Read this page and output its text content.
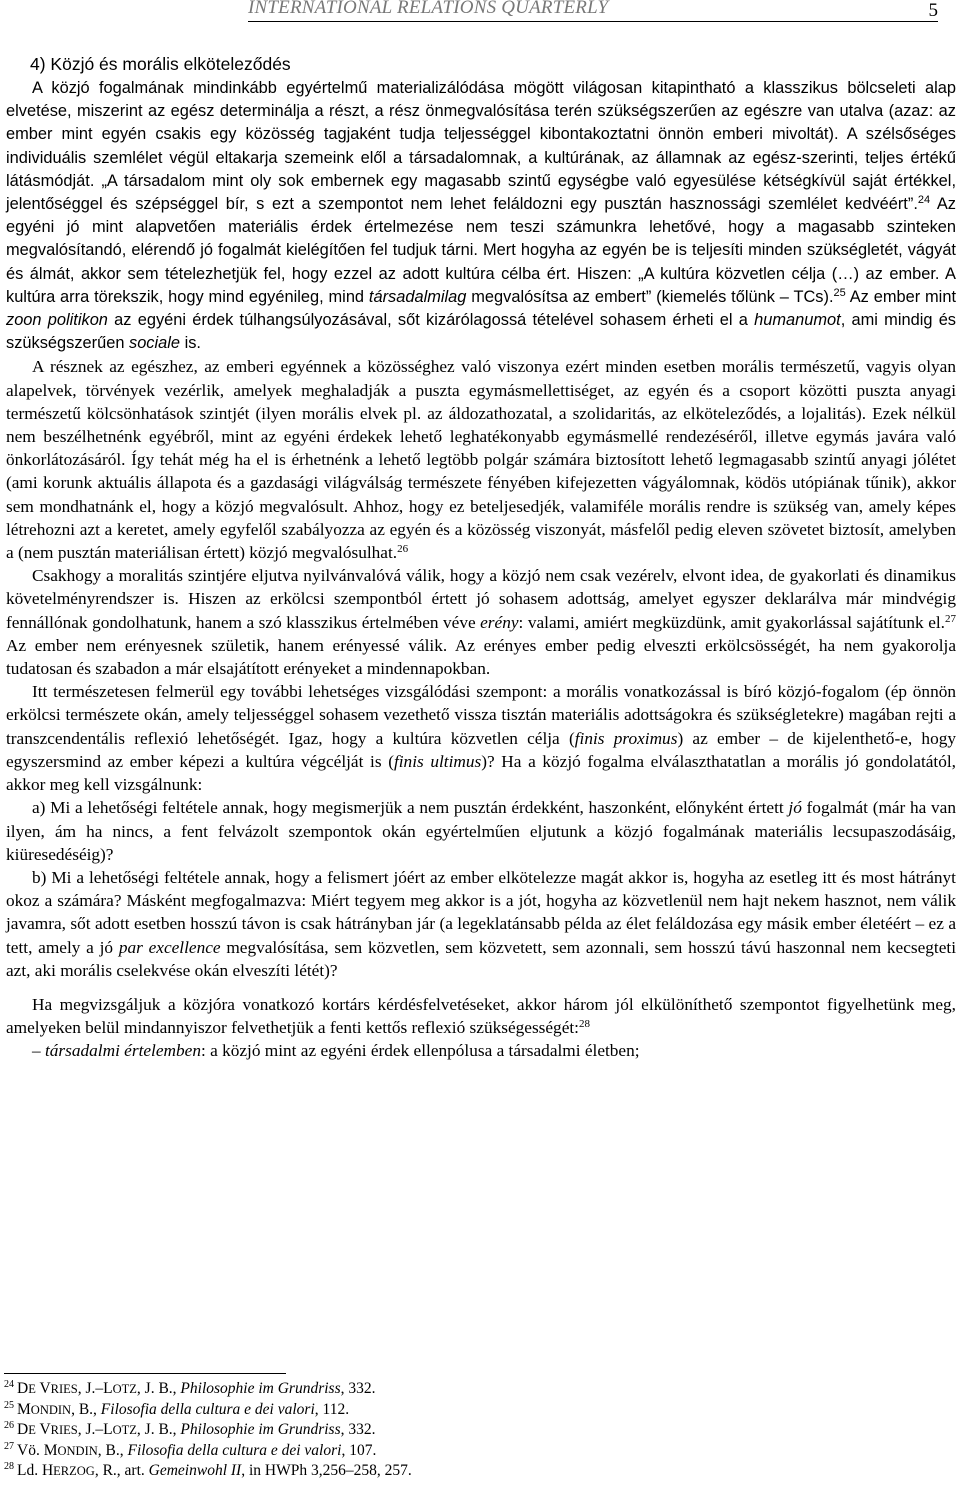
INTERNATIONAL RELATIONS QUARTERLY	5
4) Közjó és morális elköteleződés

A közjó fogalmának mindinkább egyértelmű materializálódása mögött világosan kitapintható a klasszikus bölcseleti alap elvetése, miszerint az egész determinálja a részt, a rész önmegvalósítása terén szükségszerűen az egészre van utalva (azaz: az ember mint egyén csakis egy közösség tagjaként tudja teljességgel kibontakoztatni önnön emberi mivoltát). A szélsőséges individuális szemlélet végül eltakarja szemeink elől a társadalomnak, a kultúrának, az államnak az egész-szerinti, teljes értékű látásmódját. „A társadalom mint oly sok embernek egy magasabb szintű egységbe való egyesülése kétségkívül saját értékkel, jelentőséggel és szépséggel bír, s ezt a szempontot nem lehet feláldozni egy pusztán hasznossági szemlélet kedvéért”.$^{24}$ Az egyéni jó mint alapvetően materiális érdek értelmezése nem teszi számunkra lehetővé, hogy a magasabb szinteken megvalósítandó, elérendő jó fogalmát kielégítően fel tudjuk tárni. Mert hogyha az egyén be is teljesíti minden szükségletét, vágyát és álmát, akkor sem tételezhetjük fel, hogy ezzel az adott kultúra célba ért. Hiszen: „A kultúra közvetlen célja (…) az ember. A kultúra arra törekszik, hogy mind egyénileg, mind társadalmilag megvalósítsa az embert” (kiemelés tőlünk – TCs).$^{25}$ Az ember mint zoon politikon az egyéni érdek túlhangsúlyozásával, sőt kizárólagossá tételével sohasem érheti el a humanumot, ami mindig és szükségszerűen sociale is.

A résznek az egészhez, az emberi egyénnek a közösséghez való viszonya ezért minden esetben morális természetű, vagyis olyan alapelvek, törvények vezérlik, amelyek meghaladják a puszta egymásmellettiséget, az egyén és a csoport közötti puszta anyagi természetű kölcsönhatások szintjét (ilyen morális elvek pl. az áldozathozatal, a szolidaritás, az elköteleződés, a lojalitás). Ezek nélkül nem beszélhetnénk egyébről, mint az egyéni érdekek lehető leghatékonyabb egymásmellé rendezéséről, illetve egymás javára való önkorlátozásáról. Így tehát még ha el is érhetnénk a lehető legtöbb polgár számára biztosított lehető legmagasabb szintű anyagi jólétet (ami korunk aktuális állapota és a gazdasági világválság természete fényében kifejezetten vágyálomnak, ködös utópiának tűnik), akkor sem mondhatnánk el, hogy a közjó megvalósult. Ahhoz, hogy ez beteljesedjék, valamiféle morális rendre is szükség van, amely képes létrehozni azt a keretet, amely egyfelől szabályozza az egyén és a közösség viszonyát, másfelől pedig eleven szövetet biztosít, amelyben a (nem pusztán materiálisan értett) közjó megvalósulhat.$^{26}$

Csakhogy a moralitás szintjére eljutva nyilvánvalóvá válik, hogy a közjó nem csak vezérelv, elvont idea, de gyakorlati és dinamikus követelményrendszer is. Hiszen az erkölcsi szempontból értett jó sohasem adottság, amelyet egyszer deklarálva már mindvégig fennállónak gondolhatunk, hanem a szó klasszikus értelmében véve erény: valami, amiért megküzdünk, amit gyakorlással sajátítunk el.$^{27}$ Az ember nem erényesnek születik, hanem erényessé válik. Az erényes ember pedig elveszti erkölcsösségét, ha nem gyakorolja tudatosan és szabadon a már elsajátított erényeket a mindennapokban.

Itt természetesen felmerül egy további lehetséges vizsgálódási szempont: a morális vonatkozással is bíró közjó-fogalom (ép önnön erkölcsi természete okán, amely teljességgel sohasem vezethető vissza tisztán materiális adottságokra és szükségletekre) magában rejti a transzcendentális reflexió lehetőségét. Igaz, hogy a kultúra közvetlen célja (finis proximus) az ember – de kijelenthető-e, hogy egyszersmind az ember képezi a kultúra végcélját is (finis ultimus)? Ha a közjó fogalma elválaszthatatlan a morális jó gondolatától, akkor meg kell vizsgálnunk:

a) Mi a lehetőségi feltétele annak, hogy megismerjük a nem pusztán érdekként, haszonként, előnyként értett jó fogalmát (már ha van ilyen, ám ha nincs, a fent felvázolt szempontok okán egyértelműen eljutunk a közjó fogalmának materiális lecsupaszodásáig, kiüresedéséig)?

b) Mi a lehetőségi feltétele annak, hogy a felismert jóért az ember elkötelezze magát akkor is, hogyha az esetleg itt és most hátrányt okoz a számára? Másként megfogalmazva: Miért tegyem meg akkor is a jót, hogyha az közvetlenül nem hajt nekem hasznot, nem válik javamra, sőt adott esetben hosszú távon is csak hátrányban jár (a legeklatánsabb példa az élet feláldozása egy másik ember életéért – ez a tett, amely a jó par excellence megvalósítása, sem közvetlen, sem közvetett, sem azonnali, sem hosszú távú haszonnal nem kecsegteti azt, aki morális cselekvése okán elveszíti létét)?

Ha megvizsgáljuk a közjóra vonatkozó kortárs kérdésfelvetéseket, akkor három jól elkülöníthető szempontot figyelhetünk meg, amelyeken belül mindannyiszor felvethetjük a fenti kettős reflexió szükségességét:$^{28}$

– társadalmi értelemben: a közjó mint az egyéni érdek ellenpólusa a társadalmi életben;

$^{24}$ DE VRIES, J.–LOTZ, J. B., Philosophie im Grundriss, 332.
$^{25}$ MONDIN, B., Filosofia della cultura e dei valori, 112.
$^{26}$ DE VRIES, J.–LOTZ, J. B., Philosophie im Grundriss, 332.
$^{27}$ Vö. MONDIN, B., Filosofia della cultura e dei valori, 107.
$^{28}$ Ld. HERZOG, R., art. Gemeinwohl II, in HWPh 3,256–258, 257.
